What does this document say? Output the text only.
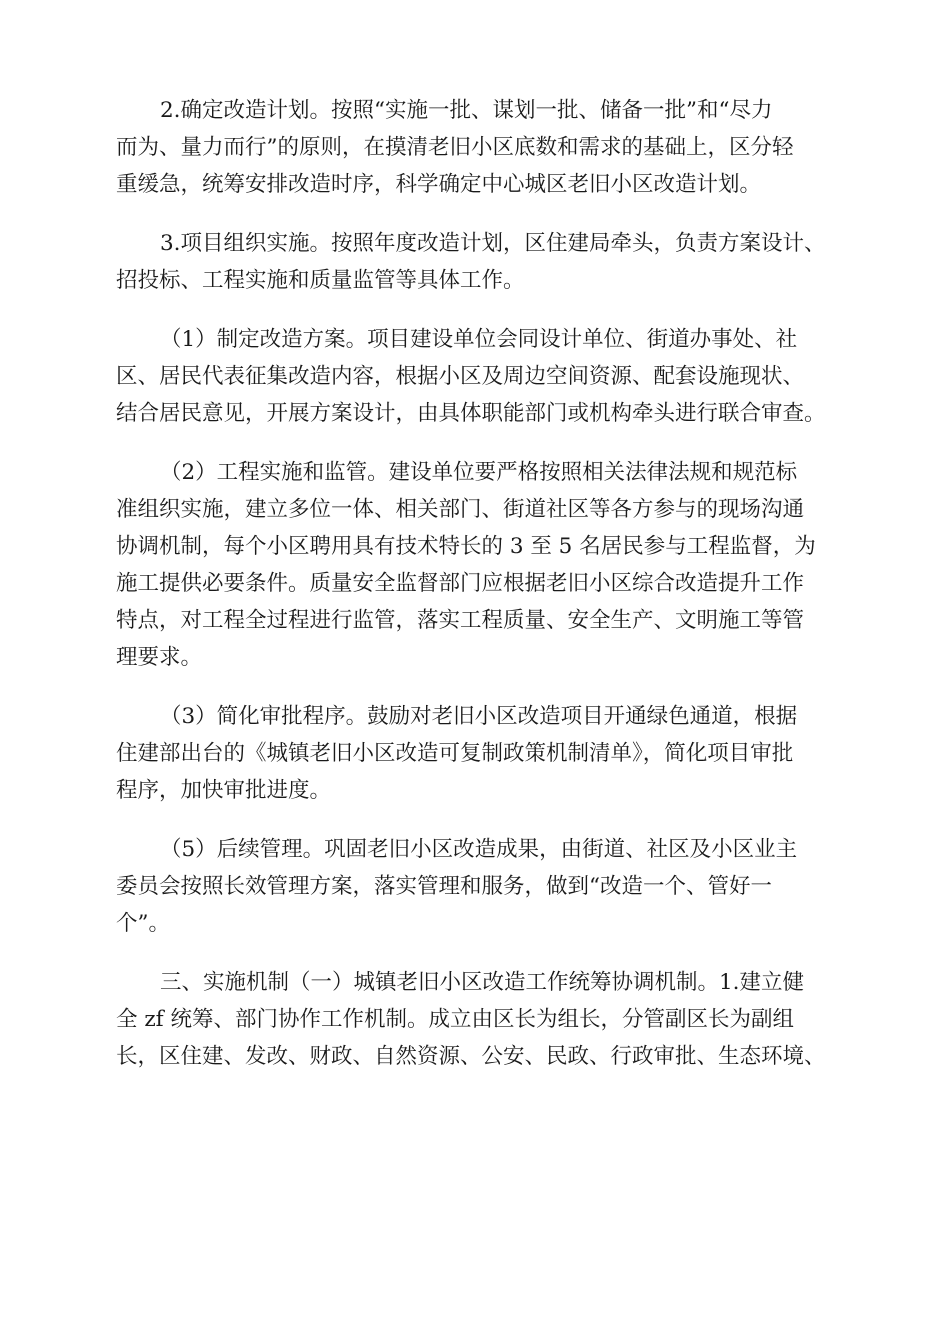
2.确定改造计划。按照“实施一批、谋划一批、储备一批”和“尽力
而为、量力而行”的原则，在摸清老旧小区底数和需求的基础上，区分轻
重缓急，统筹安排改造时序，科学确定中心城区老旧小区改造计划。

3.项目组织实施。按照年度改造计划，区住建局牵头，负责方案设计、
招投标、工程实施和质量监管等具体工作。

（1）制定改造方案。项目建设单位会同设计单位、街道办事处、社
区、居民代表征集改造内容，根据小区及周边空间资源、配套设施现状、
结合居民意见，开展方案设计，由具体职能部门或机构牵头进行联合审查。

（2）工程实施和监管。建设单位要严格按照相关法律法规和规范标
准组织实施，建立多位一体、相关部门、街道社区等各方参与的现场沟通
协调机制，每个小区聘用具有技术特长的 3 至 5 名居民参与工程监督，为
施工提供必要条件。质量安全监督部门应根据老旧小区综合改造提升工作
特点，对工程全过程进行监管，落实工程质量、安全生产、文明施工等管
理要求。

（3）简化审批程序。鼓励对老旧小区改造项目开通绿色通道，根据
住建部出台的《城镇老旧小区改造可复制政策机制清单》，简化项目审批
程序，加快审批进度。

（5）后续管理。巩固老旧小区改造成果，由街道、社区及小区业主
委员会按照长效管理方案，落实管理和服务，做到“改造一个、管好一
个”。

三、实施机制（一）城镇老旧小区改造工作统筹协调机制。1.建立健
全 zf 统筹、部门协作工作机制。成立由区长为组长，分管副区长为副组
长，区住建、发改、财政、自然资源、公安、民政、行政审批、生态环境、
